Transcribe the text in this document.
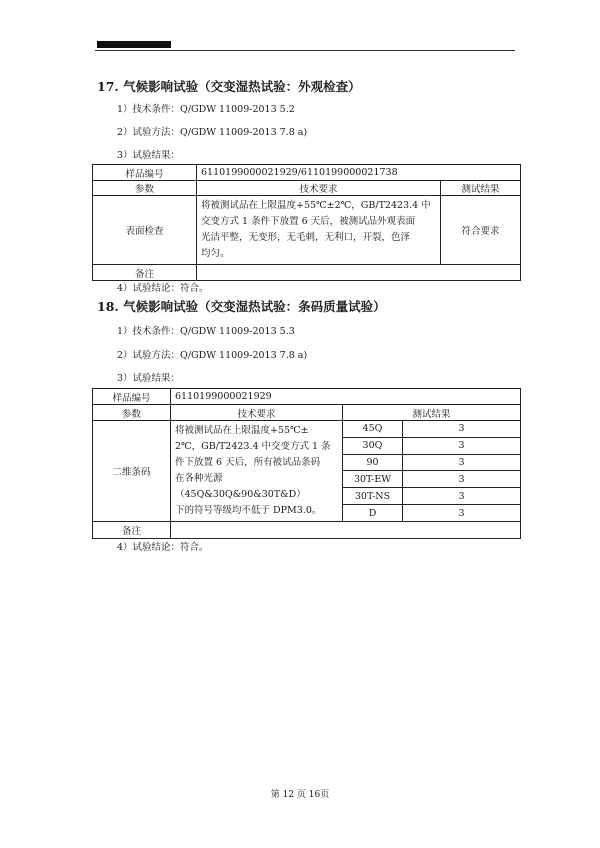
17. 气候影响试验（交变湿热试验：外观检查）
1）技术条件：Q/GDW 11009-2013 5.2
2）试验方法：Q/GDW 11009-2013 7.8 a)
3）试验结果：
样品编号	6110199000021929/6110199000021738	
参数	技术要求	测试结果
表面检查	将被测试品在上限温度+55℃±2℃，GB/T2423.4 中
交变方式 1 条件下放置 6 天后，被测试品外观表面
光洁平整，无变形，无毛刺，无利口，开裂，色泽
均匀。	符合要求
备注		
4）试验结论：符合。
18. 气候影响试验（交变湿热试验：条码质量试验）
1）技术条件：Q/GDW 11009-2013 5.3
2）试验方法：Q/GDW 11009-2013 7.8 a)
3）试验结果：
样品编号	6110199000021929		
参数	技术要求	测试结果	
二维条码	将被测试品在上限温度+55℃±
2℃，GB/T2423.4 中交变方式 1 条
件下放置 6 天后，所有被试品条码
在各种光源（45Q&30Q&90&30T&D）
下的符号等级均不低于 DPM3.0。	45Q	3
		30Q	3
		90	3
		30T-EW	3
		30T-NS	3
		D	3
备注			
4）试验结论：符合。
第 12 页 16页
